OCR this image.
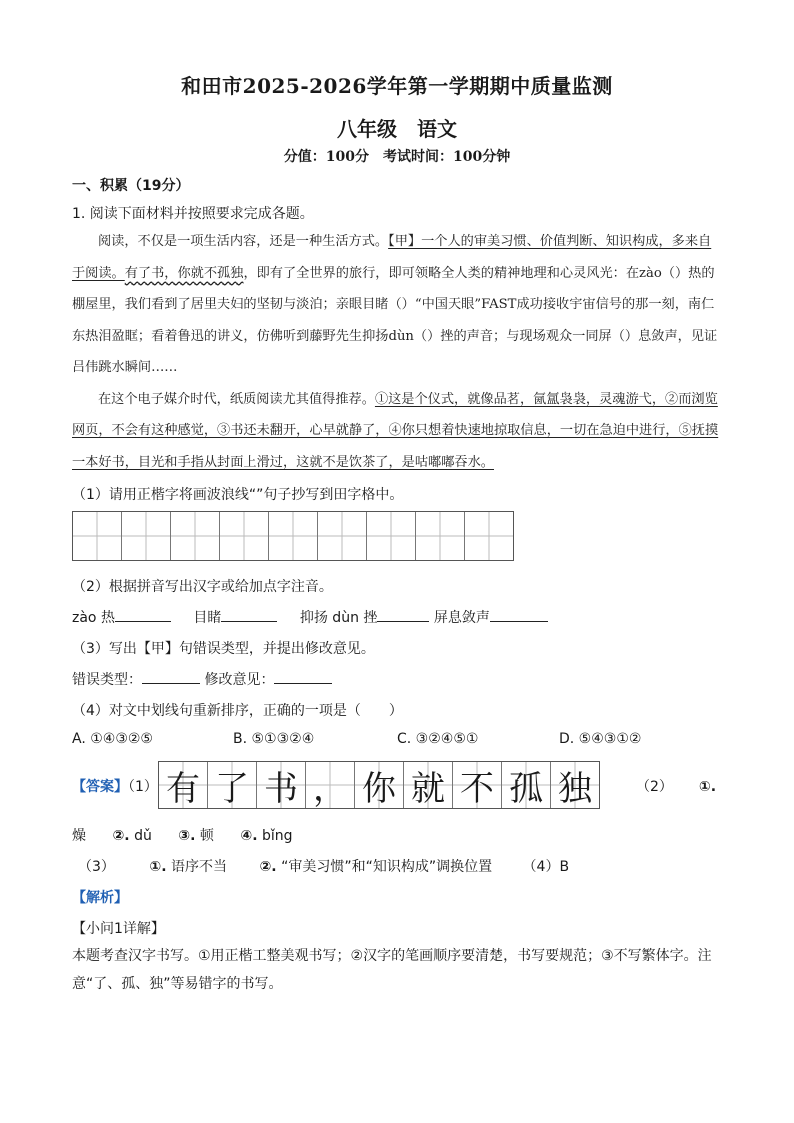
和田市2025-2026学年第一学期期中质量监测
八年级　语文
分值：100分　考试时间：100分钟
一、积累（19分）
1. 阅读下面材料并按照要求完成各题。

阅读，不仅是一项生活内容，还是一种生活方式。【甲】一个人的审美习惯、价值判断、知识构成，多来自于阅读。有了书，你就不孤独，即有了全世界的旅行，即可领略全人类的精神地理和心灵风光：在zào（）热的棚屋里，我们看到了居里夫妇的坚韧与淡泊；亲眼目睹（）“中国天眼”FAST成功接收宇宙信号的那一刻，南仁东热泪盈眶；看着鲁迅的讲义，仿佛听到藤野先生抑扬dùn（）挫的声音；与现场观众一同屏（）息敛声，见证吕伟跳水瞬间……

在这个电子媒介时代，纸质阅读尤其值得推荐。①这是个仪式，就像品茗，氤氲袅袅，灵魂游弋，②而浏览网页，不会有这种感觉，③书还未翻开，心早就静了，④你只想着快速地掠取信息，一切在急迫中进行，⑤抚摸一本好书，目光和手指从封面上滑过，这就不是饮茶了，是咕嘟嘟吞水。

（1）请用正楷字将画波浪线“”句子抄写到田字格中。
（2）根据拼音写出汉字或给加点字注音。
zào 热	目睹	抑扬 dùn 挫	屏息敛声
（3）写出【甲】句错误类型，并提出修改意见。
错误类型：	修改意见：
（4）对文中划线句重新排序，正确的一项是（　　）
A. ①④③②⑤	B. ⑤①③②④	C. ③②④⑤①	D. ⑤④③①②
【答案】（1） 有 了 书 ， 你 就 不 孤 独	（2） ①.
燥 ②. dǔ ③. 顿 ④. bǐng
（3） ①. 语序不当 ②. “审美习惯”和“知识构成”调换位置 （4）B
【解析】
【小问1详解】
本题考查汉字书写。①用正楷工整美观书写；②汉字的笔画顺序要清楚，书写要规范；③不写繁体字。注意“了、孤、独”等易错字的书写。
